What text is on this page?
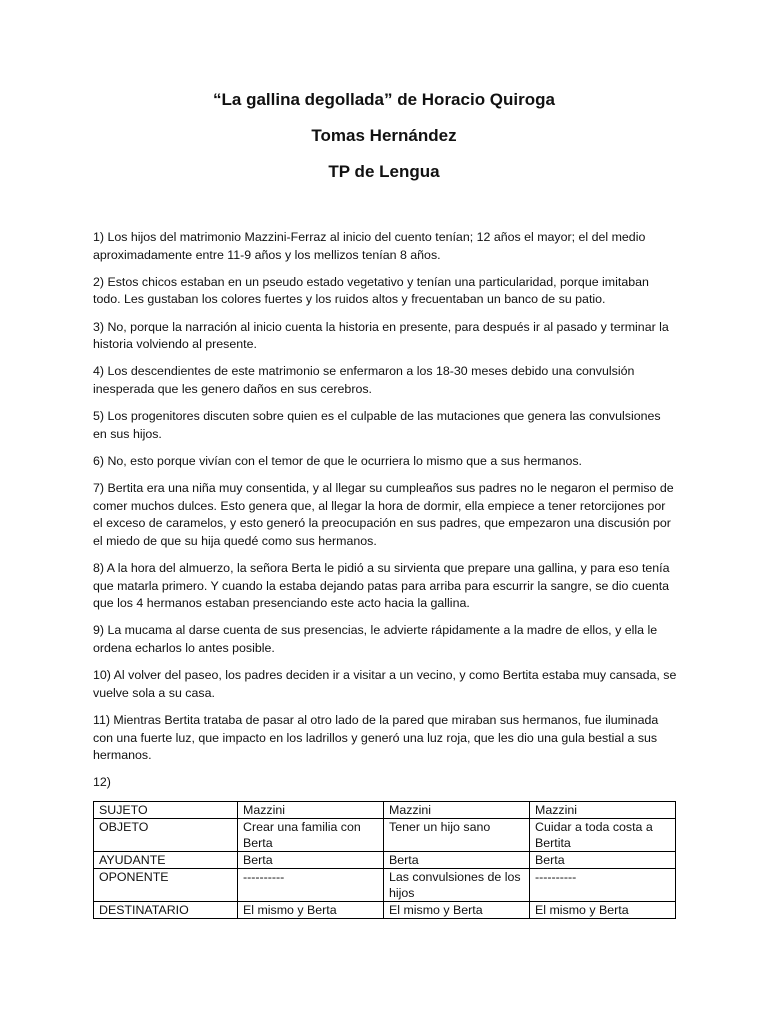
“La gallina degollada” de Horacio Quiroga
Tomas Hernández
TP de Lengua

1) Los hijos del matrimonio Mazzini-Ferraz al inicio del cuento tenían; 12 años el mayor; el del medio aproximadamente entre 11-9 años y los mellizos tenían 8 años.

2) Estos chicos estaban en un pseudo estado vegetativo y tenían una particularidad, porque imitaban todo. Les gustaban los colores fuertes y los ruidos altos y frecuentaban un banco de su patio.

3) No, porque la narración al inicio cuenta la historia en presente, para después ir al pasado y terminar la historia volviendo al presente.

4) Los descendientes de este matrimonio se enfermaron a los 18-30 meses debido una convulsión inesperada que les genero daños en sus cerebros.

5) Los progenitores discuten sobre quien es el culpable de las mutaciones que genera las convulsiones en sus hijos.

6) No, esto porque vivían con el temor de que le ocurriera lo mismo que a sus hermanos.

7) Bertita era una niña muy consentida, y al llegar su cumpleaños sus padres no le negaron el permiso de comer muchos dulces. Esto genera que, al llegar la hora de dormir, ella empiece a tener retorcijones por el exceso de caramelos, y esto generó la preocupación en sus padres, que empezaron una discusión por el miedo de que su hija quedé como sus hermanos.

8) A la hora del almuerzo, la señora Berta le pidió a su sirvienta que prepare una gallina, y para eso tenía que matarla primero. Y cuando la estaba dejando patas para arriba para escurrir la sangre, se dio cuenta que los 4 hermanos estaban presenciando este acto hacia la gallina.

9) La mucama al darse cuenta de sus presencias, le advierte rápidamente a la madre de ellos, y ella le ordena echarlos lo antes posible.

10) Al volver del paseo, los padres deciden ir a visitar a un vecino, y como Bertita estaba muy cansada, se vuelve sola a su casa.

11) Mientras Bertita trataba de pasar al otro lado de la pared que miraban sus hermanos, fue iluminada con una fuerte luz, que impacto en los ladrillos y generó una luz roja, que les dio una gula bestial a sus hermanos.

12)

SUJETO	Mazzini	Mazzini	Mazzini
OBJETO	Crear una familia con Berta	Tener un hijo sano	Cuidar a toda costa a Bertita
AYUDANTE	Berta	Berta	Berta
OPONENTE	----------	Las convulsiones de los hijos	----------
DESTINATARIO	El mismo y Berta	El mismo y Berta	El mismo y Berta
